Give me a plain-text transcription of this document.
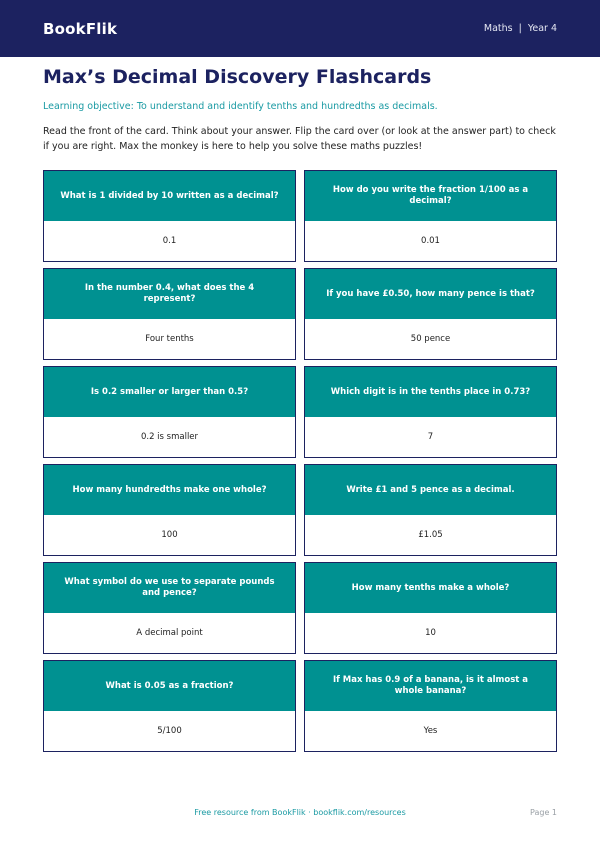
BookFlik	Maths | Year 4
Max’s Decimal Discovery Flashcards

Learning objective: To understand and identify tenths and hundredths as decimals.

Read the front of the card. Think about your answer. Flip the card over (or look at the answer part) to check if you are right. Max the monkey is here to help you solve these maths puzzles!

What is 1 divided by 10 written as a decimal?
0.1
How do you write the fraction 1/100 as a decimal?
0.01
In the number 0.4, what does the 4 represent?
Four tenths
If you have £0.50, how many pence is that?
50 pence
Is 0.2 smaller or larger than 0.5?
0.2 is smaller
Which digit is in the tenths place in 0.73?
7
How many hundredths make one whole?
100
Write £1 and 5 pence as a decimal.
£1.05
What symbol do we use to separate pounds and pence?
A decimal point
How many tenths make a whole?
10
What is 0.05 as a fraction?
5/100
If Max has 0.9 of a banana, is it almost a whole banana?
Yes
Free resource from BookFlik · bookflik.com/resources	Page 1
